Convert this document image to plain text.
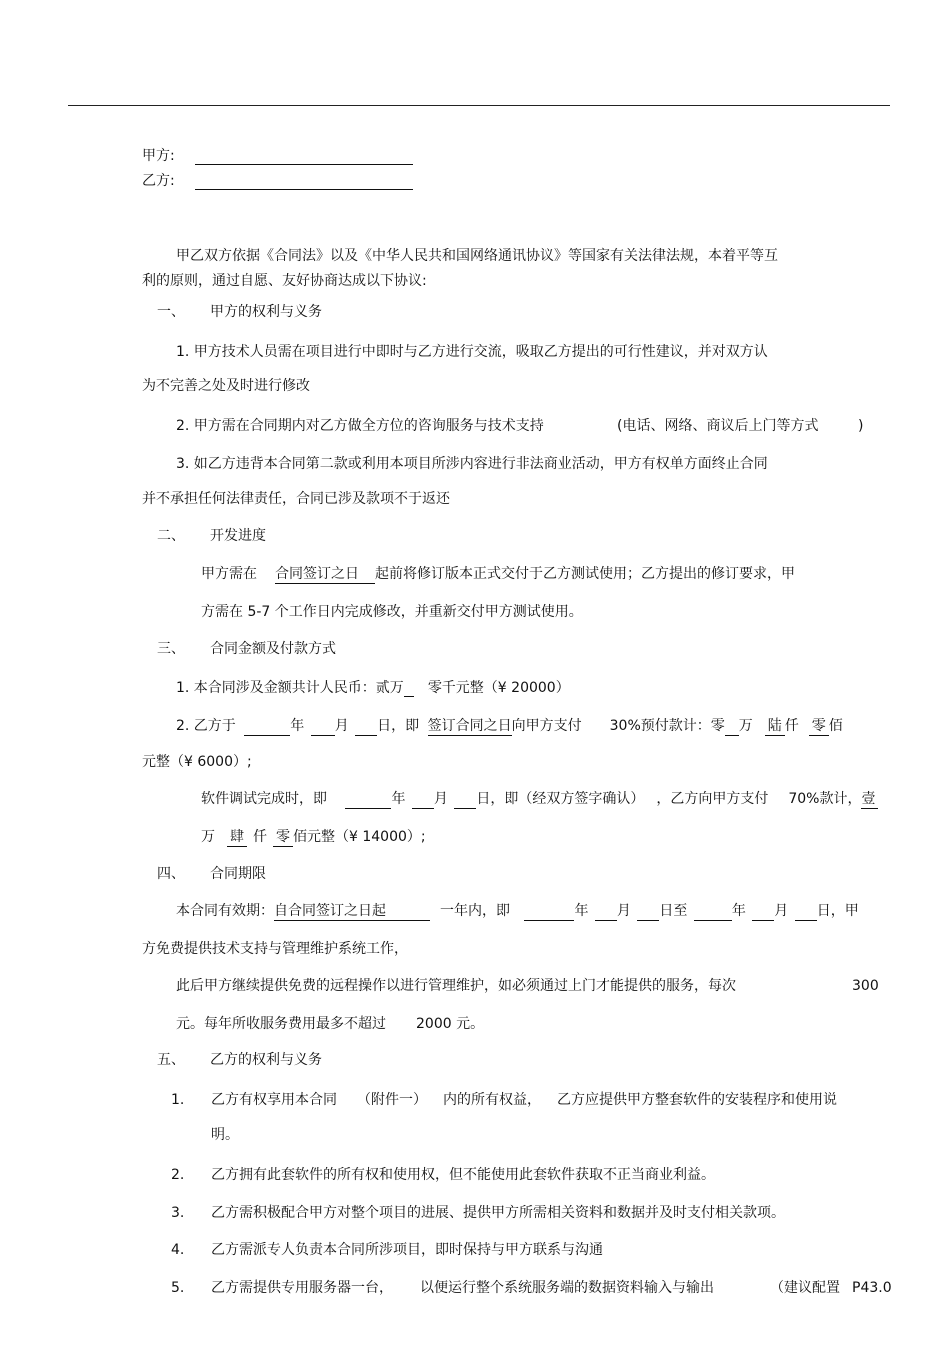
甲方:
乙方:
甲乙双方依据《合同法》以及《中华人民共和国网络通讯协议》等国家有关法律法规，本着平等互
利的原则，通过自愿、友好协商达成以下协议:
一、 甲方的权利与义务
1. 甲方技术人员需在项目进行中即时与乙方进行交流，吸取乙方提出的可行性建议，并对双方认
为不完善之处及时进行修改
2. 甲方需在合同期内对乙方做全方位的咨询服务与技术支持	(电话、网络、商议后上门等方式	)
3. 如乙方违背本合同第二款或利用本项目所涉内容进行非法商业活动，甲方有权单方面终止合同
并不承担任何法律责任，合同已涉及款项不于返还
二、 开发进度
甲方需在 合同签订之日 起前将修订版本正式交付于乙方测试使用；乙方提出的修订要求，甲
方需在 5-7 个工作日内完成修改，并重新交付甲方测试使用。
三、 合同金额及付款方式
1. 本合同涉及金额共计人民币：贰万 零千元整（¥ 20000）
2. 乙方于	年 月 日，即 签订合同之日向甲方支付 30%预付款计：零 万 陆 仟 零 佰
元整（¥ 6000）;
软件调试完成时，即	年 月 日，即（经双方签字确认） ，乙方向甲方支付 70%款计，壹
万 肆 仟 零 佰元整（¥ 14000）;
四、 合同期限
本合同有效期：自合同签订之日起	一年内，即	年 月 日至	年 月 日，甲
方免费提供技术支持与管理维护系统工作，
此后甲方继续提供免费的远程操作以进行管理维护，如必须通过上门才能提供的服务，每次	300
元。每年所收服务费用最多不超过 2000 元。
五、 乙方的权利与义务
1. 乙方有权享用本合同 （附件一） 内的所有权益， 乙方应提供甲方整套软件的安装程序和使用说
明。
2. 乙方拥有此套软件的所有权和使用权，但不能使用此套软件获取不正当商业利益。
3. 乙方需积极配合甲方对整个项目的进展、提供甲方所需相关资料和数据并及时支付相关款项。
4. 乙方需派专人负责本合同所涉项目，即时保持与甲方联系与沟通
5. 乙方需提供专用服务器一台， 以便运行整个系统服务端的数据资料输入与输出	（建议配置 P43.0
